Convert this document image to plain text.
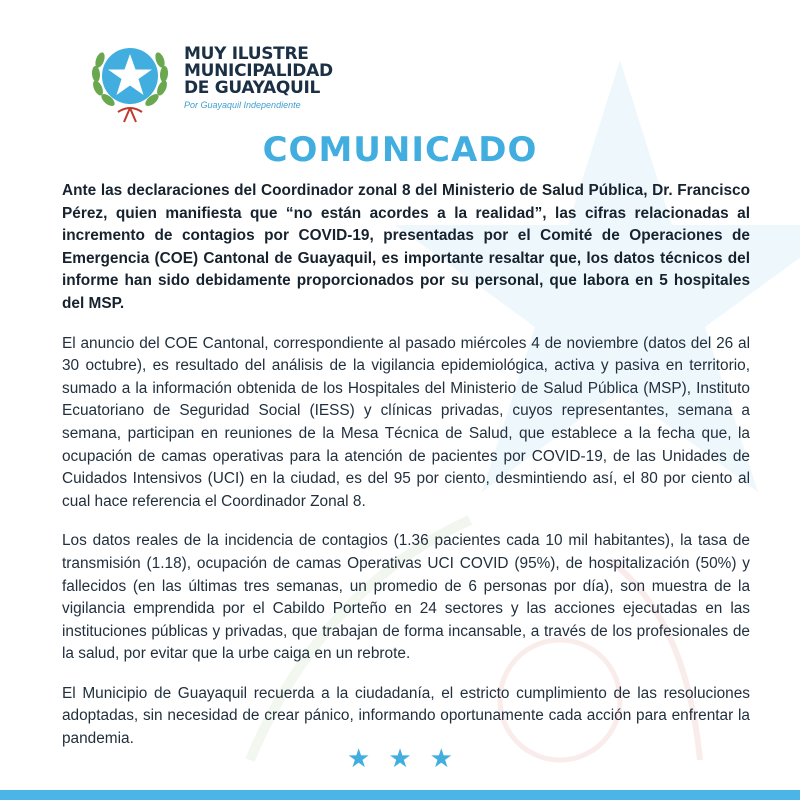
MUY ILUSTRE
MUNICIPALIDAD
DE GUAYAQUIL
Por Guayaquil Independiente
COMUNICADO

Ante las declaraciones del Coordinador zonal 8 del Ministerio de Salud Pública, Dr. Francisco Pérez, quien manifiesta que “no están acordes a la realidad”, las cifras relacionadas al incremento de contagios por COVID-19, presentadas por el Comité de Operaciones de Emergencia (COE) Cantonal de Guayaquil, es importante resaltar que, los datos técnicos del informe han sido debidamente proporcionados por su personal, que labora en 5 hospitales del MSP.

El anuncio del COE Cantonal, correspondiente al pasado miércoles 4 de noviembre (datos del 26 al 30 octubre), es resultado del análisis de la vigilancia epidemiológica, activa y pasiva en territorio, sumado a la información obtenida de los Hospitales del Ministerio de Salud Pública (MSP), Instituto Ecuatoriano de Seguridad Social (IESS) y clínicas privadas, cuyos representantes, semana a semana, participan en reuniones de la Mesa Técnica de Salud, que establece a la fecha que, la ocupación de camas operativas para la atención de pacientes por COVID-19, de las Unidades de Cuidados Intensivos (UCI) en la ciudad, es del 95 por ciento, desmintiendo así, el 80 por ciento al cual hace referencia el Coordinador Zonal 8.

Los datos reales de la incidencia de contagios (1.36 pacientes cada 10 mil habitantes), la tasa de transmisión (1.18), ocupación de camas Operativas UCI COVID (95%), de hospitalización (50%) y fallecidos (en las últimas tres semanas, un promedio de 6 personas por día), son muestra de la vigilancia emprendida por el Cabildo Porteño en 24 sectores y las acciones ejecutadas en las instituciones públicas y privadas, que trabajan de forma incansable, a través de los profesionales de la salud, por evitar que la urbe caiga en un rebrote.

El Municipio de Guayaquil recuerda a la ciudadanía, el estricto cumplimiento de las resoluciones adoptadas, sin necesidad de crear pánico, informando oportunamente cada acción para enfrentar la pandemia.

★★★
